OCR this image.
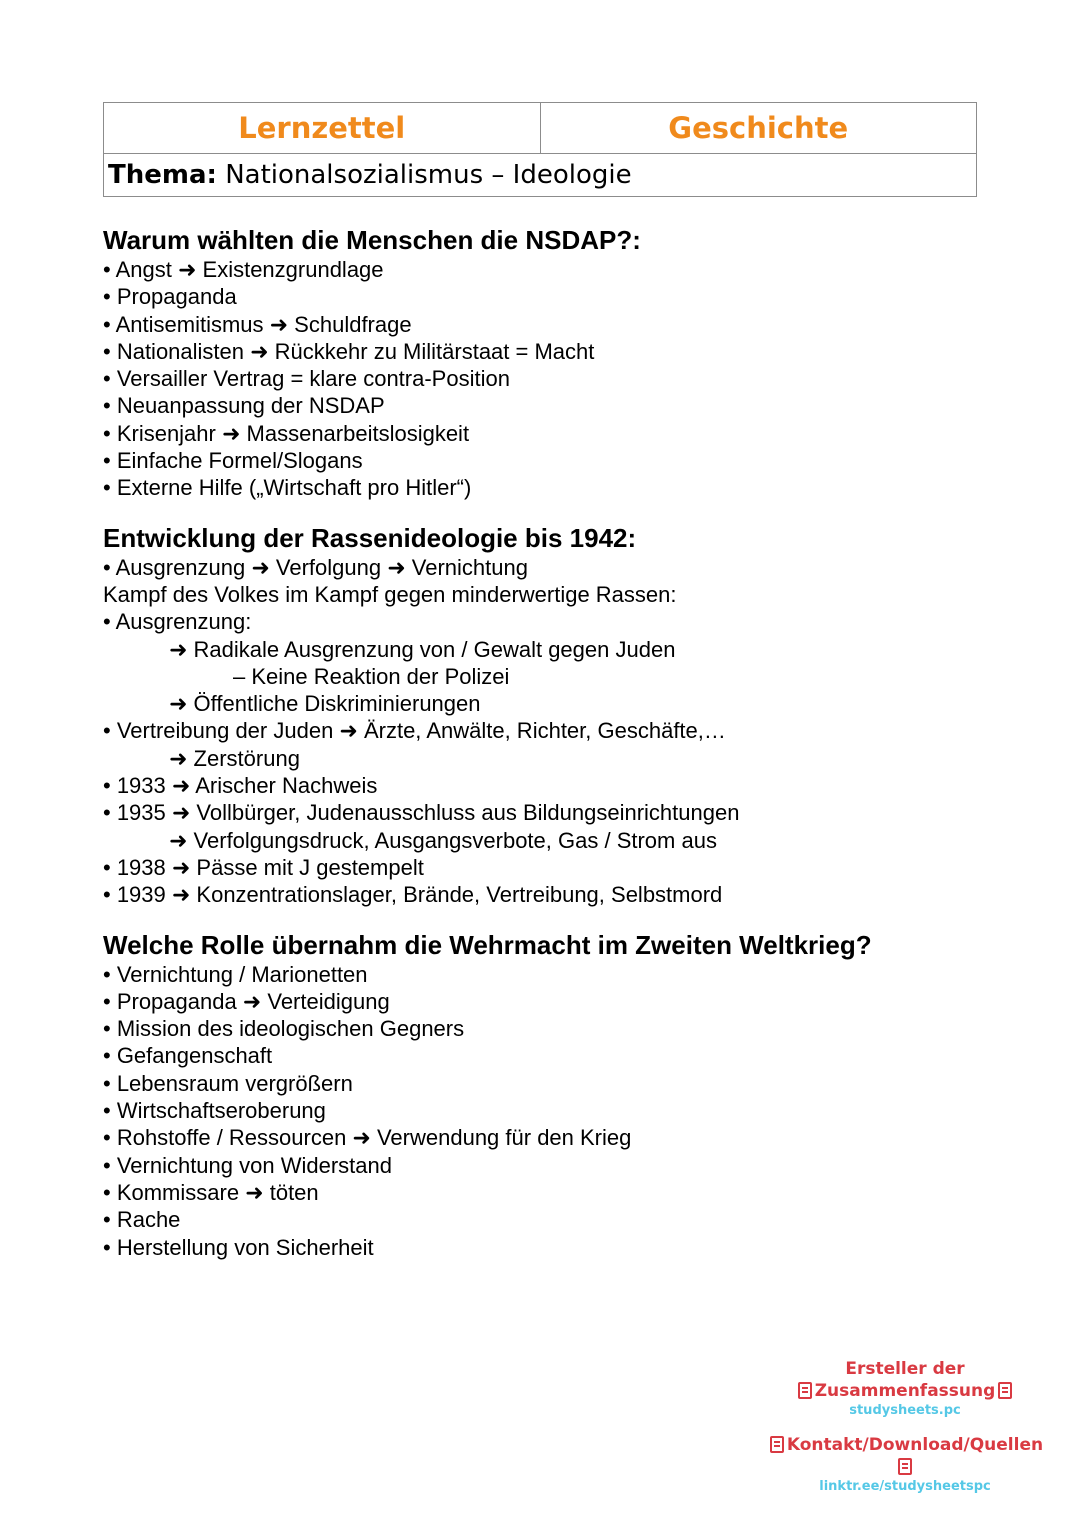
Lernzettel	Geschichte
Thema: Nationalsozialismus – Ideologie
Warum wählten die Menschen die NSDAP?:
• Angst ➜ Existenzgrundlage
• Propaganda
• Antisemitismus ➜ Schuldfrage
• Nationalisten ➜ Rückkehr zu Militärstaat = Macht
• Versailler Vertrag = klare contra-Position
• Neuanpassung der NSDAP
• Krisenjahr ➜ Massenarbeitslosigkeit
• Einfache Formel/Slogans
• Externe Hilfe („Wirtschaft pro Hitler“)
Entwicklung der Rassenideologie bis 1942:
• Ausgrenzung ➜ Verfolgung ➜ Vernichtung
Kampf des Volkes im Kampf gegen minderwertige Rassen:
• Ausgrenzung:
➜ Radikale Ausgrenzung von / Gewalt gegen Juden
– Keine Reaktion der Polizei
➜ Öffentliche Diskriminierungen
• Vertreibung der Juden ➜ Ärzte, Anwälte, Richter, Geschäfte,…
➜ Zerstörung
• 1933 ➜ Arischer Nachweis
• 1935 ➜ Vollbürger, Judenausschluss aus Bildungseinrichtungen
➜ Verfolgungsdruck, Ausgangsverbote, Gas / Strom aus
• 1938 ➜ Pässe mit J gestempelt
• 1939 ➜ Konzentrationslager, Brände, Vertreibung, Selbstmord
Welche Rolle übernahm die Wehrmacht im Zweiten Weltkrieg?
• Vernichtung / Marionetten
• Propaganda ➜ Verteidigung
• Mission des ideologischen Gegners
• Gefangenschaft
• Lebensraum vergrößern
• Wirtschaftseroberung
• Rohstoffe / Ressourcen ➜ Verwendung für den Krieg
• Vernichtung von Widerstand
• Kommissare ➜ töten
• Rache
• Herstellung von Sicherheit
Ersteller der
Zusammenfassung
studysheets.pc
Kontakt/Download/Quellen
linktr.ee/studysheetspc
